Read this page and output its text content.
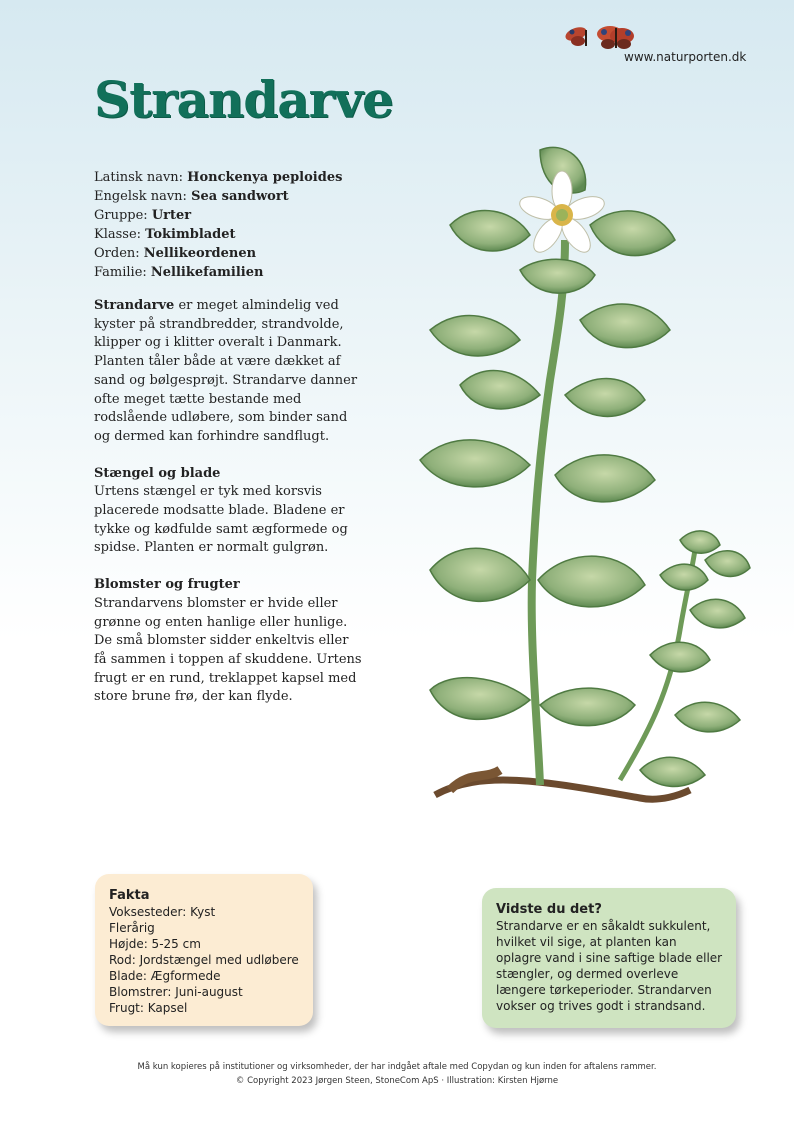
www.naturporten.dk
Strandarve
Latinsk navn: Honckenya peploides
Engelsk navn: Sea sandwort
Gruppe: Urter
Klasse: Tokimbladet
Orden: Nellikeordenen
Familie: Nellikefamilien

Strandarve er meget almindelig ved kyster på strandbredder, strandvolde, klipper og i klitter overalt i Danmark. Planten tåler både at være dækket af sand og bølgesprøjt. Strandarve danner ofte meget tætte bestande med rodslående udløbere, som binder sand og dermed kan forhindre sandflugt.

Stængel og blade
Urtens stængel er tyk med korsvis placerede modsatte blade. Bladene er tykke og kødfulde samt ægformede og spidse. Planten er normalt gulgrøn.

Blomster og frugter
Strandarvens blomster er hvide eller grønne og enten hanlige eller hunlige. De små blomster sidder enkeltvis eller få sammen i toppen af skuddene. Urtens frugt er en rund, treklappet kapsel med store brune frø, der kan flyde.

Fakta
Voksesteder: Kyst
Flerårig
Højde: 5-25 cm
Rod: Jordstængel med udløbere
Blade: Ægformede
Blomstrer: Juni-august
Frugt: Kapsel
Vidste du det?
Strandarve er en såkaldt sukkulent, hvilket vil sige, at planten kan oplagre vand i sine saftige blade eller stængler, og dermed overleve længere tørkeperioder. Strandarven vokser og trives godt i strandsand.
Må kun kopieres på institutioner og virksomheder, der har indgået aftale med Copydan og kun inden for aftalens rammer.
© Copyright 2023 Jørgen Steen, StoneCom ApS · Illustration: Kirsten Hjørne
